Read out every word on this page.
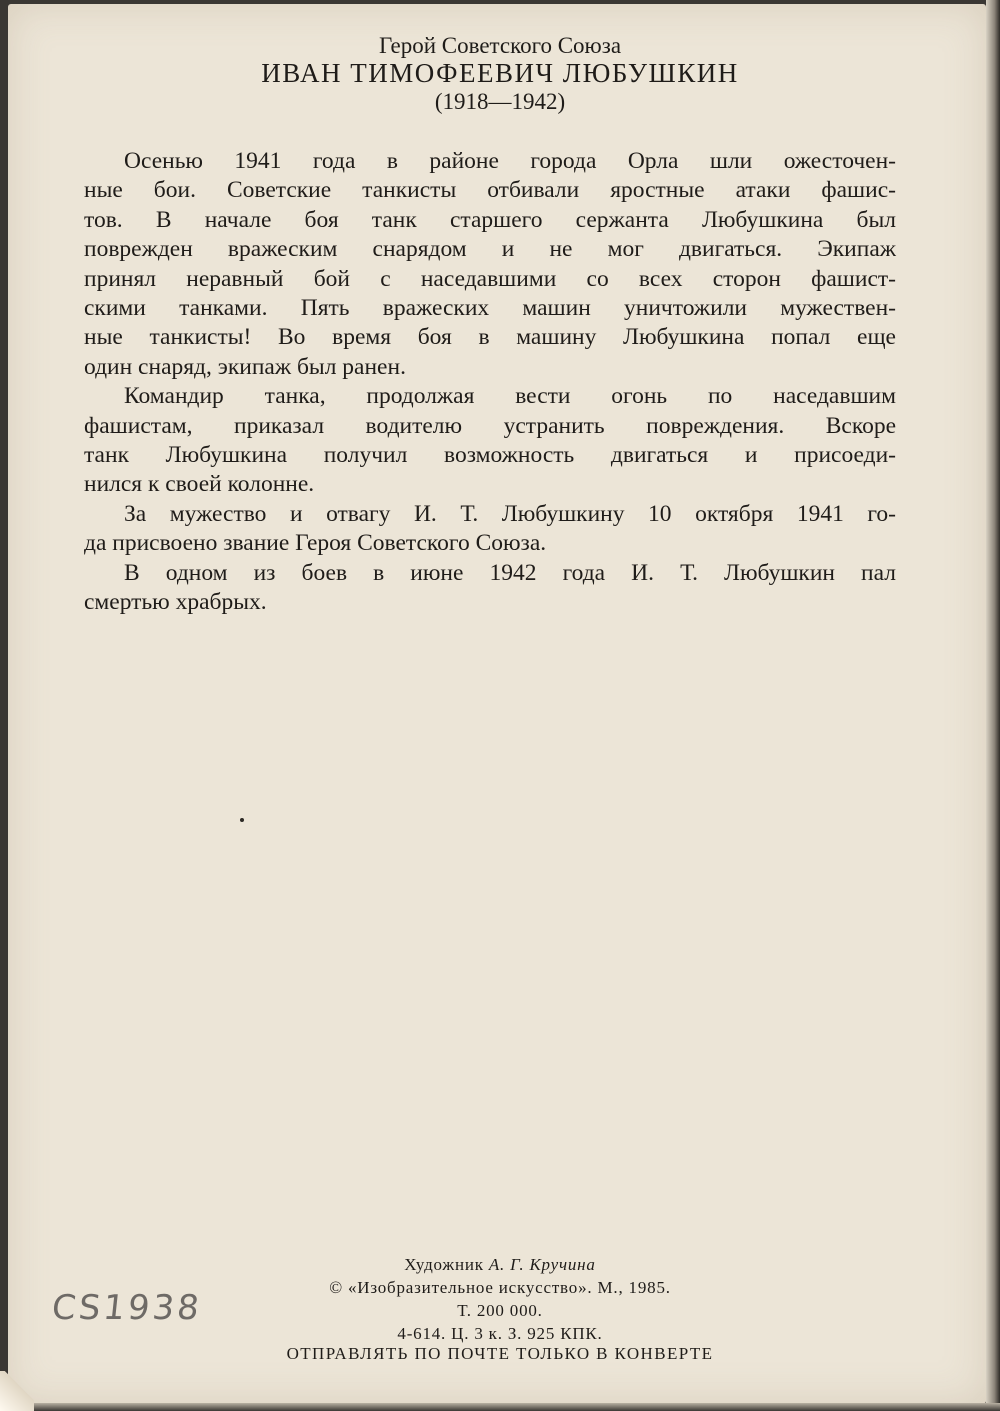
Герой Советского Союза
ИВАН ТИМОФЕЕВИЧ ЛЮБУШКИН
(1918—1942)
Осенью 1941 года в районе города Орла шли ожесточен-
ные бои. Советские танкисты отбивали яростные атаки фашис-
тов. В начале боя танк старшего сержанта Любушкина был
поврежден вражеским снарядом и не мог двигаться. Экипаж
принял неравный бой с наседавшими со всех сторон фашист-
скими танками. Пять вражеских машин уничтожили мужествен-
ные танкисты! Во время боя в машину Любушкина попал еще
один снаряд, экипаж был ранен.
Командир танка, продолжая вести огонь по наседавшим
фашистам, приказал водителю устранить повреждения. Вскоре
танк Любушкина получил возможность двигаться и присоеди-
нился к своей колонне.
За мужество и отвагу И. Т. Любушкину 10 октября 1941 го-
да присвоено звание Героя Советского Союза.
В одном из боев в июне 1942 года И. Т. Любушкин пал
смертью храбрых.
Художник А. Г. Кручина
© «Изобразительное искусство». М., 1985.
Т. 200 000.
4-614. Ц. 3 к. З. 925 КПК.
ОТПРАВЛЯТЬ ПО ПОЧТЕ ТОЛЬКО В КОНВЕРТЕ
CS1938
